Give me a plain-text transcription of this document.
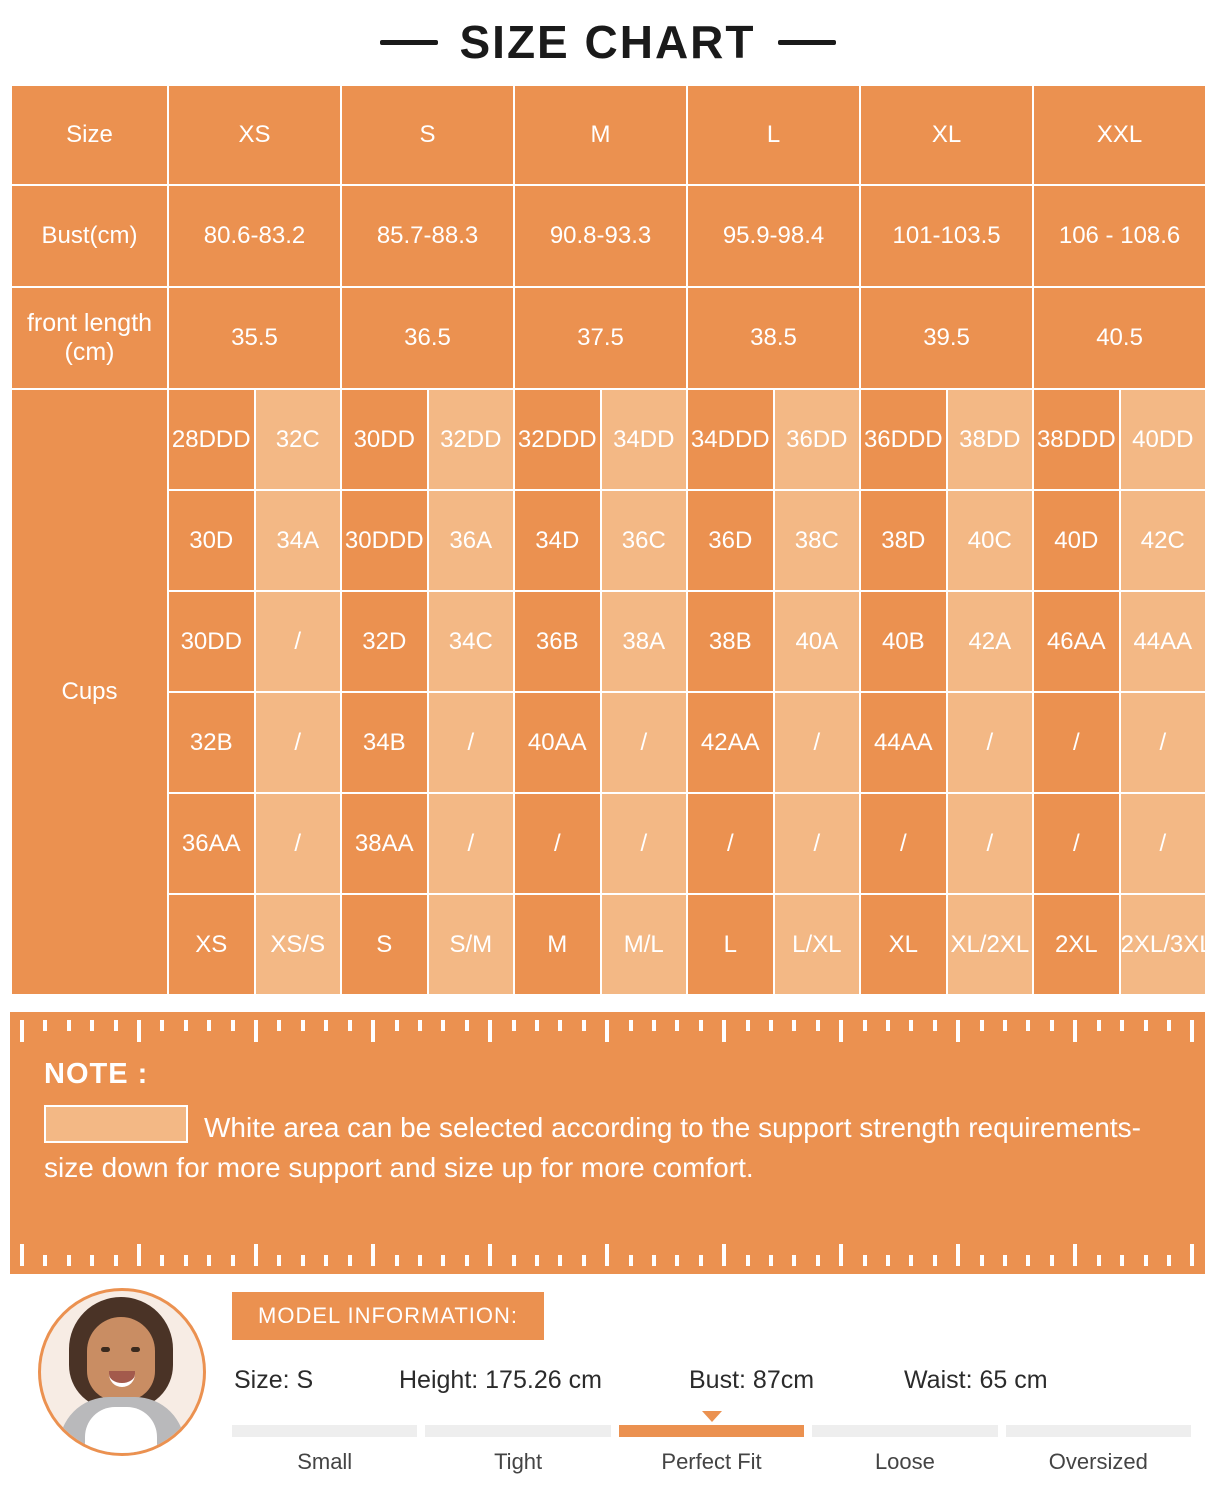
SIZE CHART
Size	XS		S		M		L		XL		XXL	
Bust(cm)	80.6-83.2		85.7-88.3		90.8-93.3		95.9-98.4		101-103.5		106 - 108.6	
front length (cm)	35.5		36.5		37.5		38.5		39.5		40.5	
Cups	28DDD	32C	30DD	32DD	32DDD	34DD	34DDD	36DD	36DDD	38DD	38DDD	40DD
	30D	34A	30DDD	36A	34D	36C	36D	38C	38D	40C	40D	42C
	30DD	/	32D	34C	36B	38A	38B	40A	40B	42A	46AA	44AA
	32B	/	34B	/	40AA	/	42AA	/	44AA	/	/	/
	36AA	/	38AA	/	/	/	/	/	/	/	/	/
	XS	XS/S	S	S/M	M	M/L	L	L/XL	XL	XL/2XL	2XL	2XL/3XL
NOTE :
White area can be selected according to the support strength requirements-size down for more support and size up for more comfort.
MODEL INFORMATION:
Size: S	Height: 175.26 cm	Bust: 87cm	Waist: 65 cm
Small	Tight	Perfect Fit	Loose	Oversized
